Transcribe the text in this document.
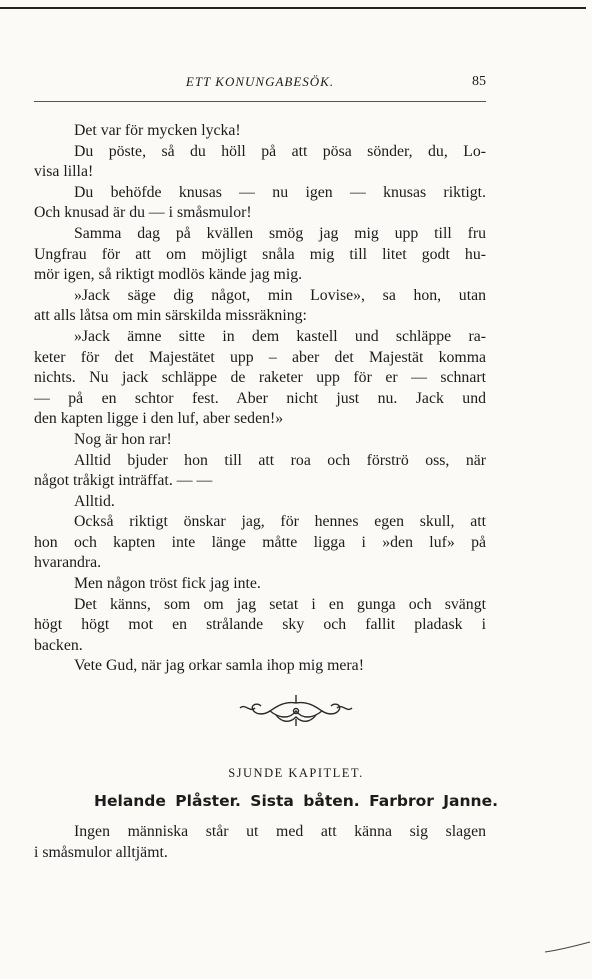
ETT KONUNGABESÖK.	85
Det var för mycken lycka!
Du pöste, så du höll på att pösa sönder, du, Lo-
visa lilla!
Du behöfde knusas — nu igen — knusas riktigt.
Och knusad är du — i småsmulor!
Samma dag på kvällen smög jag mig upp till fru
Ungfrau för att om möjligt snåla mig till litet godt hu-
mör igen, så riktigt modlös kände jag mig.
»Jack säge dig något, min Lovise», sa hon, utan
att alls låtsa om min särskilda missräkning:
»Jack ämne sitte in dem kastell und schläppe ra-
keter för det Majestätet upp – aber det Majestät komma
nichts. Nu jack schläppe de raketer upp för er — schnart
— på en schtor fest. Aber nicht just nu. Jack und
den kapten ligge i den luf, aber seden!»
Nog är hon rar!
Alltid bjuder hon till att roa och förströ oss, när
något tråkigt inträffat. — —
Alltid.
Också riktigt önskar jag, för hennes egen skull, att
hon och kapten inte länge måtte ligga i »den luf» på
hvarandra.
Men någon tröst fick jag inte.
Det känns, som om jag setat i en gunga och svängt
högt högt mot en strålande sky och fallit pladask i
backen.
Vete Gud, när jag orkar samla ihop mig mera!
SJUNDE KAPITLET.
Helande Plåster. Sista båten. Farbror Janne.
Ingen människa står ut med att känna sig slagen
i småsmulor alltjämt.
